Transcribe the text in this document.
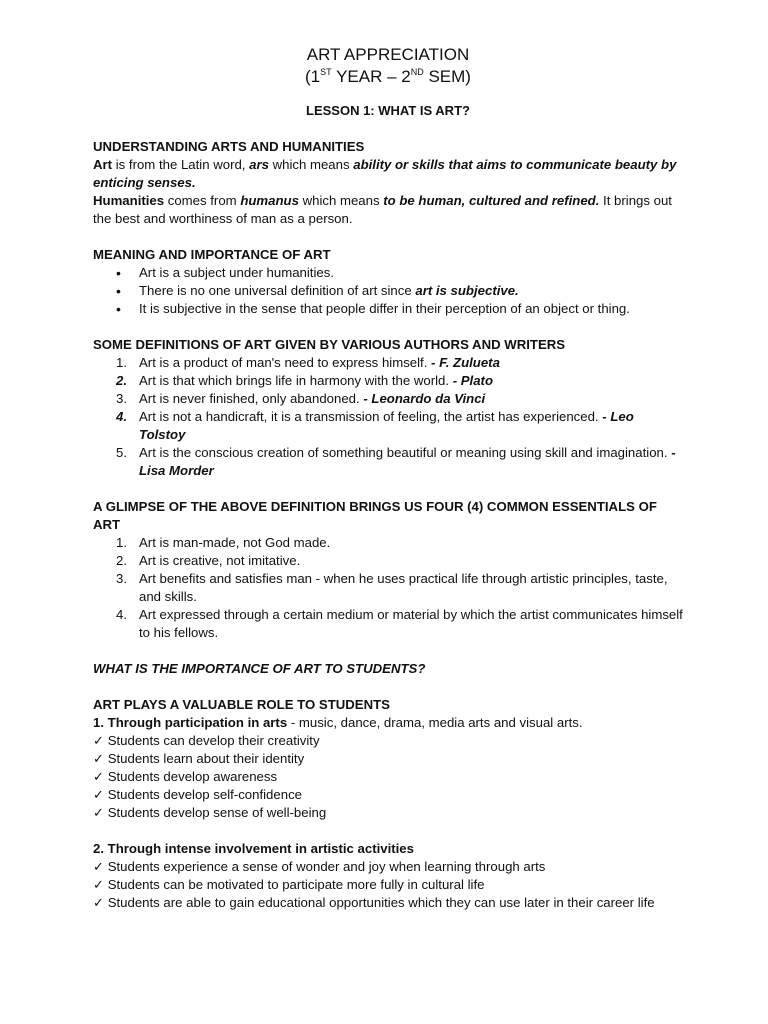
ART APPRECIATION

(1ST YEAR – 2ND SEM)

LESSON 1: WHAT IS ART?

UNDERSTANDING ARTS AND HUMANITIES

Art is from the Latin word, ars which means ability or skills that aims to communicate beauty by enticing senses.

Humanities comes from humanus which means to be human, cultured and refined. It brings out the best and worthiness of man as a person.

MEANING AND IMPORTANCE OF ART

• Art is a subject under humanities.
• There is no one universal definition of art since art is subjective.
• It is subjective in the sense that people differ in their perception of an object or thing.

SOME DEFINITIONS OF ART GIVEN BY VARIOUS AUTHORS AND WRITERS

1. Art is a product of man's need to express himself. - F. Zulueta
2. Art is that which brings life in harmony with the world. - Plato
3. Art is never finished, only abandoned. - Leonardo da Vinci
4. Art is not a handicraft, it is a transmission of feeling, the artist has experienced. - Leo Tolstoy
5. Art is the conscious creation of something beautiful or meaning using skill and imagination. - Lisa Morder

A GLIMPSE OF THE ABOVE DEFINITION BRINGS US FOUR (4) COMMON ESSENTIALS OF ART

1. Art is man-made, not God made.
2. Art is creative, not imitative.
3. Art benefits and satisfies man - when he uses practical life through artistic principles, taste, and skills.
4. Art expressed through a certain medium or material by which the artist communicates himself to his fellows.

WHAT IS THE IMPORTANCE OF ART TO STUDENTS?

ART PLAYS A VALUABLE ROLE TO STUDENTS

1. Through participation in arts - music, dance, drama, media arts and visual arts.

✓ Students can develop their creativity

✓ Students learn about their identity

✓ Students develop awareness

✓ Students develop self-confidence

✓ Students develop sense of well-being

2. Through intense involvement in artistic activities

✓ Students experience a sense of wonder and joy when learning through arts

✓ Students can be motivated to participate more fully in cultural life

✓ Students are able to gain educational opportunities which they can use later in their career life
